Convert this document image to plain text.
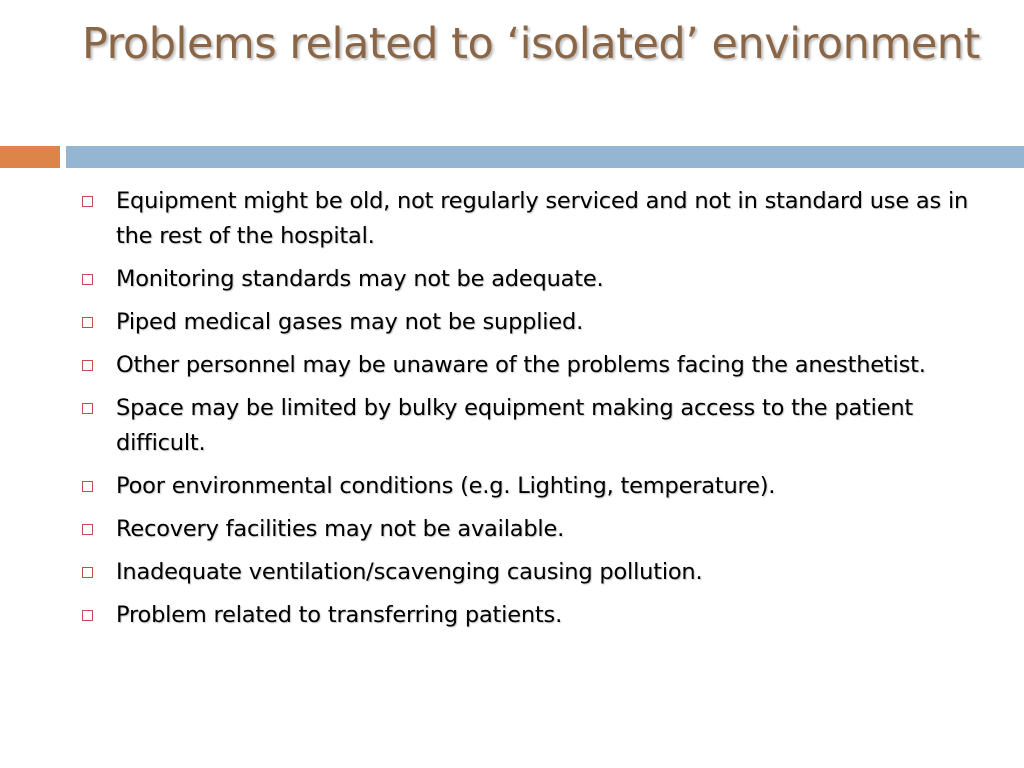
Problems related to ‘isolated’ environment
Equipment might be old, not regularly serviced and not in standard use as in the rest of the hospital.
Monitoring standards may not be adequate.
Piped medical gases may not be supplied.
Other personnel may be unaware of the problems facing the anesthetist.
Space may be limited by bulky equipment making access to the patient difficult.
Poor environmental conditions (e.g. Lighting, temperature).
Recovery facilities may not be available.
Inadequate ventilation/scavenging causing pollution.
Problem related to transferring patients.
